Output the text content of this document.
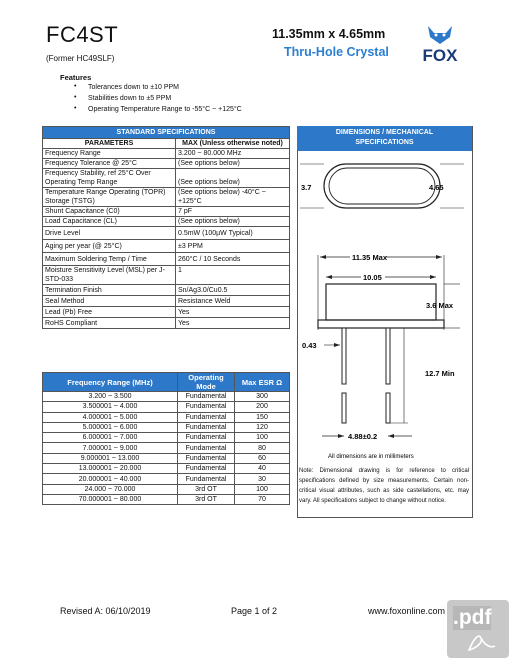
FC4ST
(Former HC49SLF)
11.35mm x 4.65mm
Thru-Hole Crystal FOX
Features
• Tolerances down to ±10 PPM
• Stabilities down to ±5 PPM
• Operating Temperature Range to -55°C ~ +125°C
STANDARD SPECIFICATIONS	
PARAMETERS	MAX (Unless otherwise noted)
Frequency Range	3.200 ~ 80.000 MHz
Frequency Tolerance @ 25°C	(See options below)
Frequency Stability, ref 25°C Over Operating Temp Range	(See options below)
Temperature Range Operating (TOPR) Storage (TSTG)	(See options below) -40°C ~ +125°C
Shunt Capacitance (C0)	7 pF
Load Capacitance (CL)	(See options below)
Drive Level	0.5mW (100µW Typical)
Aging per year (@ 25°C)	±3 PPM
Maximum Soldering Temp / Time	260°C / 10 Seconds
Moisture Sensitivity Level (MSL) per J-STD-033	1
Termination Finish	Sn/Ag3.0/Cu0.5
Seal Method	Resistance Weld
Lead (Pb) Free	Yes
RoHS Compliant	Yes
Frequency Range (MHz)	Operating Mode	Max ESR Ω
3.200 ~ 3.500	Fundamental	300
3.500001 ~ 4.000	Fundamental	200
4.000001 ~ 5.000	Fundamental	150
5.000001 ~ 6.000	Fundamental	120
6.000001 ~ 7.000	Fundamental	100
7.000001 ~ 9.000	Fundamental	80
9.000001 ~ 13.000	Fundamental	60
13.000001 ~ 20.000	Fundamental	40
20.000001 ~ 40.000	Fundamental	30
24.000 ~ 70.000	3rd OT	100
70.000001 ~ 80.000	3rd OT	70
DIMENSIONS / MECHANICAL
SPECIFICATIONS
3.7	4.65
11.35 Max
10.05
3.6 Max
0.43
12.7 Min
4.88±0.2
All dimensions are in millimeters
Note: Dimensional drawing is for reference to critical specifications defined by size measurements. Certain non-critical visual attributes, such as side castellations, etc. may vary. All specifications subject to change without notice.
Revised A: 06/10/2019	Page 1 of 2	www.foxonline.com .pdf
